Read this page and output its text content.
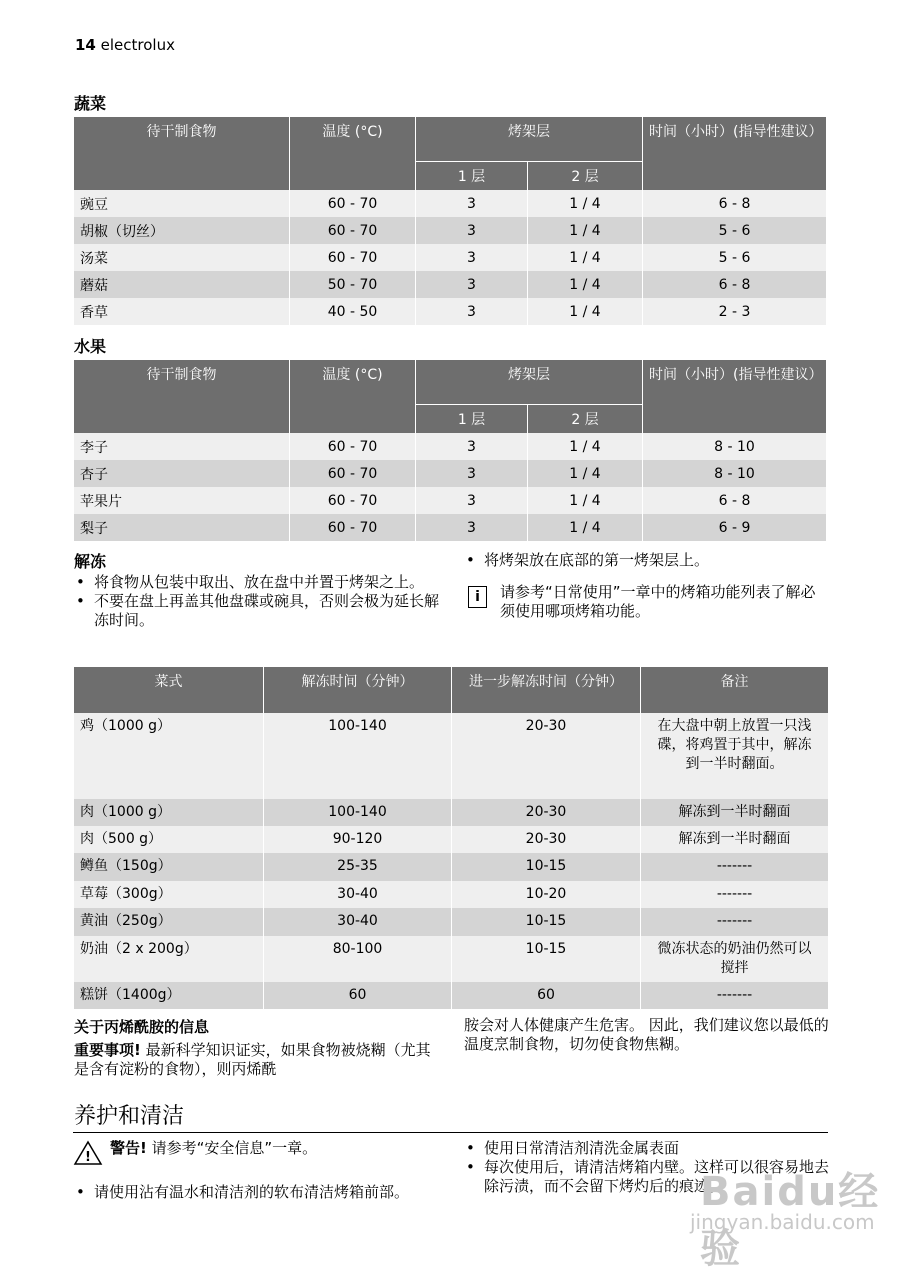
14 electrolux
蔬菜
待干制食物	温度 (°C)	烤架层		时间（小时）(指导性建议）
		1 层	2 层	
豌豆	60 - 70	3	1 / 4	6 - 8
胡椒（切丝）	60 - 70	3	1 / 4	5 - 6
汤菜	60 - 70	3	1 / 4	5 - 6
蘑菇	50 - 70	3	1 / 4	6 - 8
香草	40 - 50	3	1 / 4	2 - 3
水果
待干制食物	温度 (°C)	烤架层		时间（小时）(指导性建议）
		1 层	2 层	
李子	60 - 70	3	1 / 4	8 - 10
杏子	60 - 70	3	1 / 4	8 - 10
苹果片	60 - 70	3	1 / 4	6 - 8
梨子	60 - 70	3	1 / 4	6 - 9
解冻
• 将食物从包装中取出、放在盘中并置于烤架之上。
• 不要在盘上再盖其他盘碟或碗具，否则会极为延长解冻时间。
• 将烤架放在底部的第一烤架层上。
i	请参考“日常使用”一章中的烤箱功能列表了解必须使用哪项烤箱功能。

菜式	解冻时间（分钟）	进一步解冻时间（分钟）	备注
鸡（1000 g）	100-140	20-30	在大盘中朝上放置一只浅碟，将鸡置于其中，解冻到一半时翻面。
肉（1000 g）	100-140	20-30	解冻到一半时翻面
肉（500 g）	90-120	20-30	解冻到一半时翻面
鳟鱼（150g）	25-35	10-15	-------
草莓（300g）	30-40	10-20	-------
黄油（250g）	30-40	10-15	-------
奶油（2 x 200g）	80-100	10-15	微冻状态的奶油仍然可以搅拌
糕饼（1400g）	60	60	-------
关于丙烯酰胺的信息

重要事项! 最新科学知识证实，如果食物被烧糊（尤其是含有淀粉的食物），则丙烯酰

胺会对人体健康产生危害。 因此，我们建议您以最低的温度烹制食物，切勿使食物焦糊。

养护和清洁
!

警告! 请参考“安全信息”一章。

• 请使用沾有温水和清洁剂的软布清洁烤箱前部。
• 使用日常清洁剂清洗金属表面
• 每次使用后，请清洁烤箱内壁。这样可以很容易地去除污渍，而不会留下烤灼后的痕迹。
Baidu经验
jingyan.baidu.com
